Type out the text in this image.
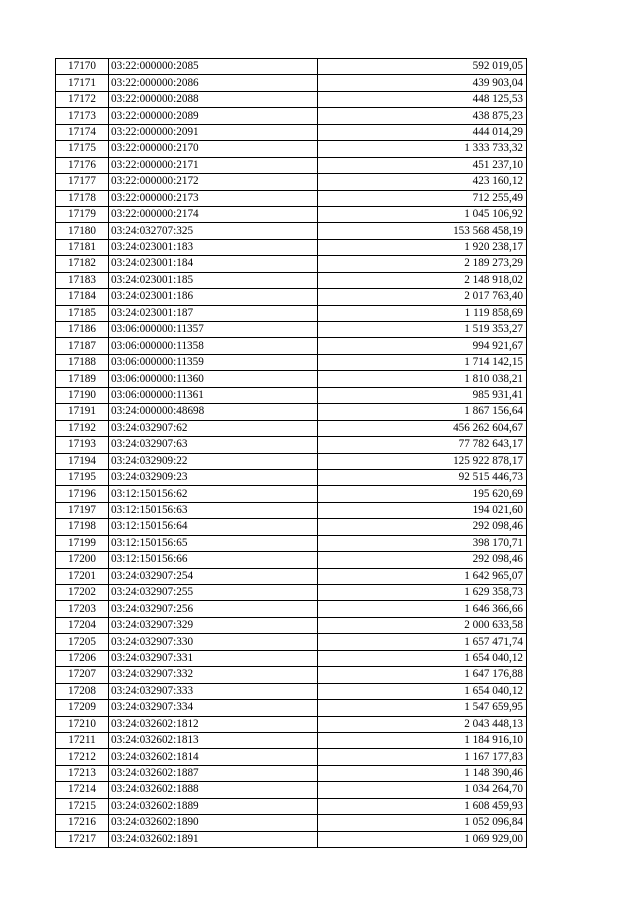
17170	03:22:000000:2085	592 019,05
17171	03:22:000000:2086	439 903,04
17172	03:22:000000:2088	448 125,53
17173	03:22:000000:2089	438 875,23
17174	03:22:000000:2091	444 014,29
17175	03:22:000000:2170	1 333 733,32
17176	03:22:000000:2171	451 237,10
17177	03:22:000000:2172	423 160,12
17178	03:22:000000:2173	712 255,49
17179	03:22:000000:2174	1 045 106,92
17180	03:24:032707:325	153 568 458,19
17181	03:24:023001:183	1 920 238,17
17182	03:24:023001:184	2 189 273,29
17183	03:24:023001:185	2 148 918,02
17184	03:24:023001:186	2 017 763,40
17185	03:24:023001:187	1 119 858,69
17186	03:06:000000:11357	1 519 353,27
17187	03:06:000000:11358	994 921,67
17188	03:06:000000:11359	1 714 142,15
17189	03:06:000000:11360	1 810 038,21
17190	03:06:000000:11361	985 931,41
17191	03:24:000000:48698	1 867 156,64
17192	03:24:032907:62	456 262 604,67
17193	03:24:032907:63	77 782 643,17
17194	03:24:032909:22	125 922 878,17
17195	03:24:032909:23	92 515 446,73
17196	03:12:150156:62	195 620,69
17197	03:12:150156:63	194 021,60
17198	03:12:150156:64	292 098,46
17199	03:12:150156:65	398 170,71
17200	03:12:150156:66	292 098,46
17201	03:24:032907:254	1 642 965,07
17202	03:24:032907:255	1 629 358,73
17203	03:24:032907:256	1 646 366,66
17204	03:24:032907:329	2 000 633,58
17205	03:24:032907:330	1 657 471,74
17206	03:24:032907:331	1 654 040,12
17207	03:24:032907:332	1 647 176,88
17208	03:24:032907:333	1 654 040,12
17209	03:24:032907:334	1 547 659,95
17210	03:24:032602:1812	2 043 448,13
17211	03:24:032602:1813	1 184 916,10
17212	03:24:032602:1814	1 167 177,83
17213	03:24:032602:1887	1 148 390,46
17214	03:24:032602:1888	1 034 264,70
17215	03:24:032602:1889	1 608 459,93
17216	03:24:032602:1890	1 052 096,84
17217	03:24:032602:1891	1 069 929,00
